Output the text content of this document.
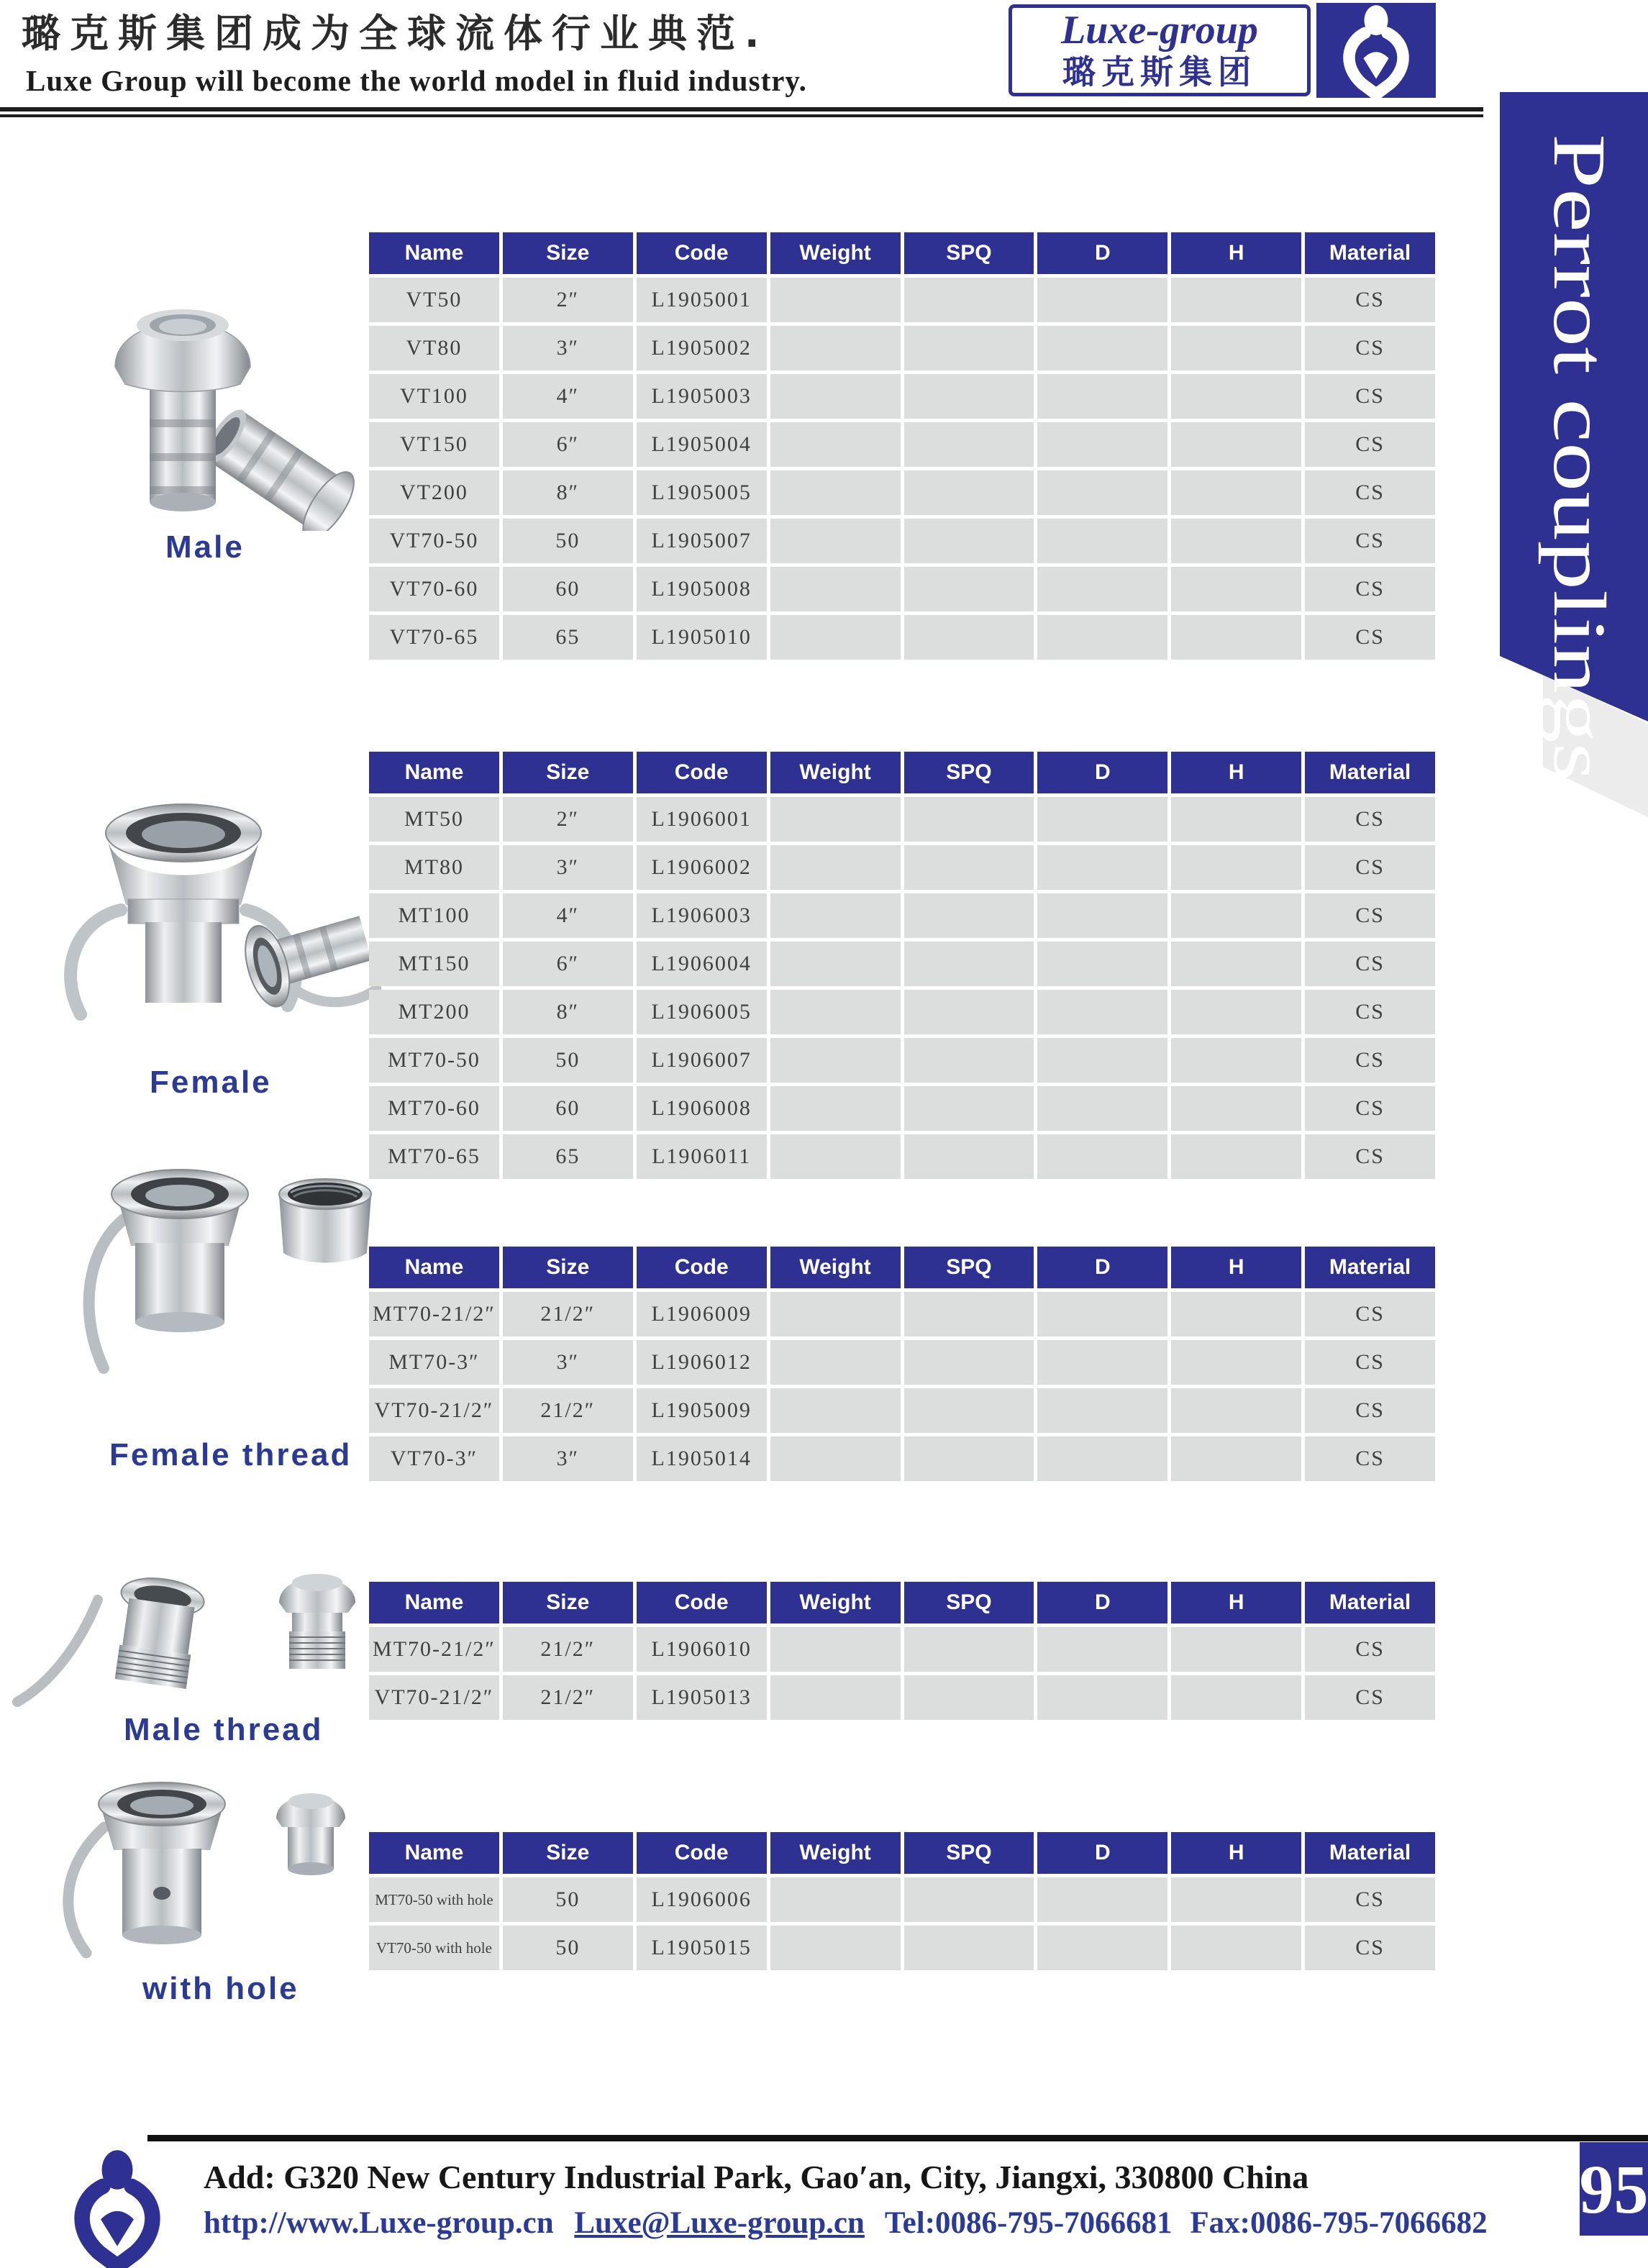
璐克斯集团成为全球流体行业典范.
Luxe Group will become the world model in fluid industry.
Luxe-group
璐克斯集团
Perrot couplings
Male
Female
Female thread
Male thread
with hole
Name	Size	Code	Weight	SPQ	D	H	Material
VT50	2″	L1905001					CS
VT80	3″	L1905002					CS
VT100	4″	L1905003					CS
VT150	6″	L1905004					CS
VT200	8″	L1905005					CS
VT70-50	50	L1905007					CS
VT70-60	60	L1905008					CS
VT70-65	65	L1905010					CS
Name	Size	Code	Weight	SPQ	D	H	Material
MT50	2″	L1906001					CS
MT80	3″	L1906002					CS
MT100	4″	L1906003					CS
MT150	6″	L1906004					CS
MT200	8″	L1906005					CS
MT70-50	50	L1906007					CS
MT70-60	60	L1906008					CS
MT70-65	65	L1906011					CS
Name	Size	Code	Weight	SPQ	D	H	Material
MT70-21/2″	21/2″	L1906009					CS
MT70-3″	3″	L1906012					CS
VT70-21/2″	21/2″	L1905009					CS
VT70-3″	3″	L1905014					CS
Name	Size	Code	Weight	SPQ	D	H	Material
MT70-21/2″	21/2″	L1906010					CS
VT70-21/2″	21/2″	L1905013					CS
Name	Size	Code	Weight	SPQ	D	H	Material
MT70-50 with hole	50	L1906006					CS
VT70-50 with hole	50	L1905015					CS
Add: G320 New Century Industrial Park, Gao′an, City, Jiangxi, 330800 China
http://www.Luxe-group.cn Luxe@Luxe-group.cn Tel:0086-795-7066681 Fax:0086-795-7066682 95
